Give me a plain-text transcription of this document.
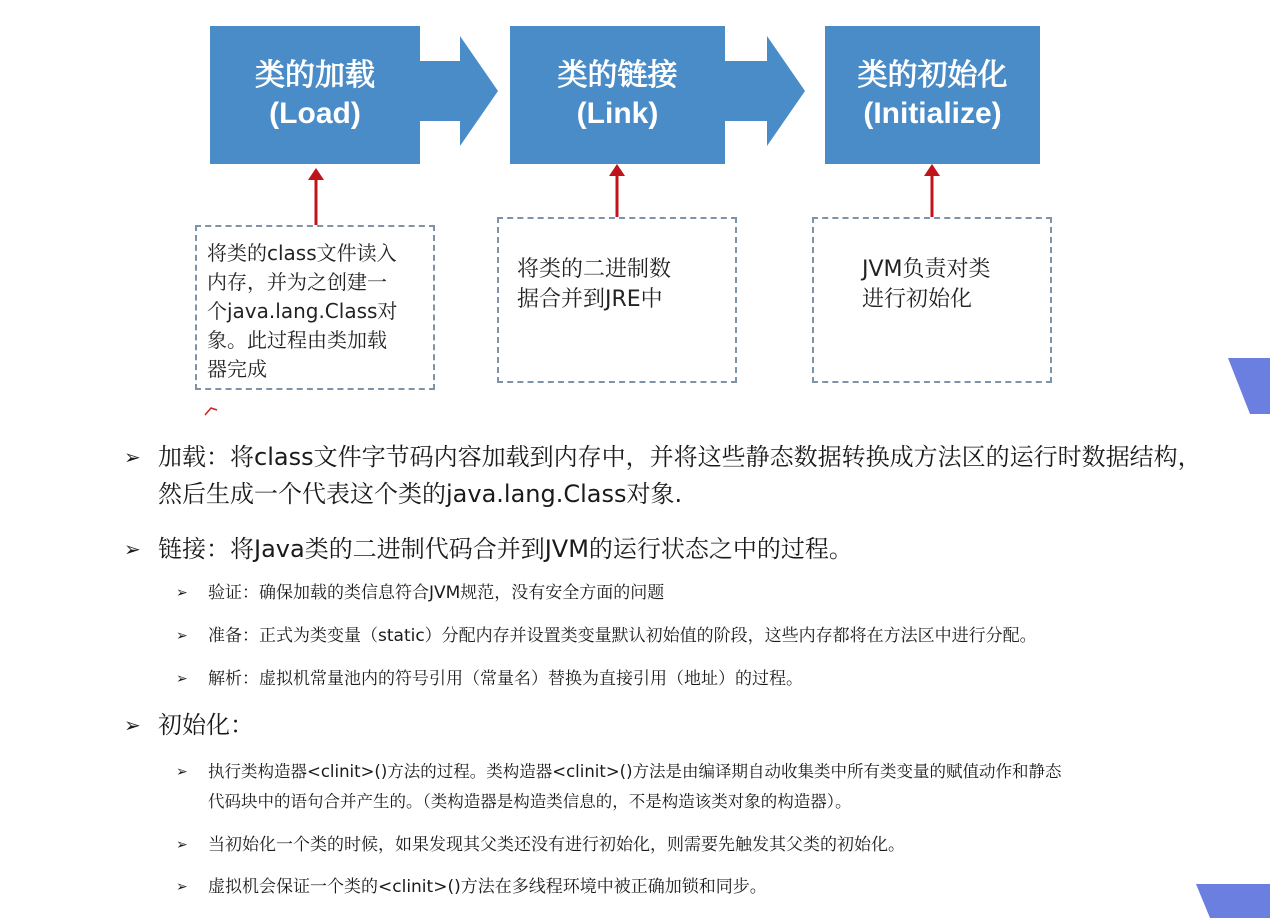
类的加载
(Load)
类的链接
(Link)
类的初始化
(Initialize)
将类的class文件读入
内存，并为之创建一
个java.lang.Class对
象。此过程由类加载
器完成
将类的二进制数
据合并到JRE中
JVM负责对类
进行初始化
➢ 加载：将class文件字节码内容加载到内存中，并将这些静态数据转换成方法区的运行时数据结构，
然后生成一个代表这个类的java.lang.Class对象.
➢ 链接：将Java类的二进制代码合并到JVM的运行状态之中的过程。
➢ 验证：确保加载的类信息符合JVM规范，没有安全方面的问题
➢ 准备：正式为类变量（static）分配内存并设置类变量默认初始值的阶段，这些内存都将在方法区中进行分配。
➢ 解析：虚拟机常量池内的符号引用（常量名）替换为直接引用（地址）的过程。
➢ 初始化：
➢ 执行类构造器<clinit>()方法的过程。类构造器<clinit>()方法是由编译期自动收集类中所有类变量的赋值动作和静态
代码块中的语句合并产生的。（类构造器是构造类信息的，不是构造该类对象的构造器）。
➢ 当初始化一个类的时候，如果发现其父类还没有进行初始化，则需要先触发其父类的初始化。
➢ 虚拟机会保证一个类的<clinit>()方法在多线程环境中被正确加锁和同步。
